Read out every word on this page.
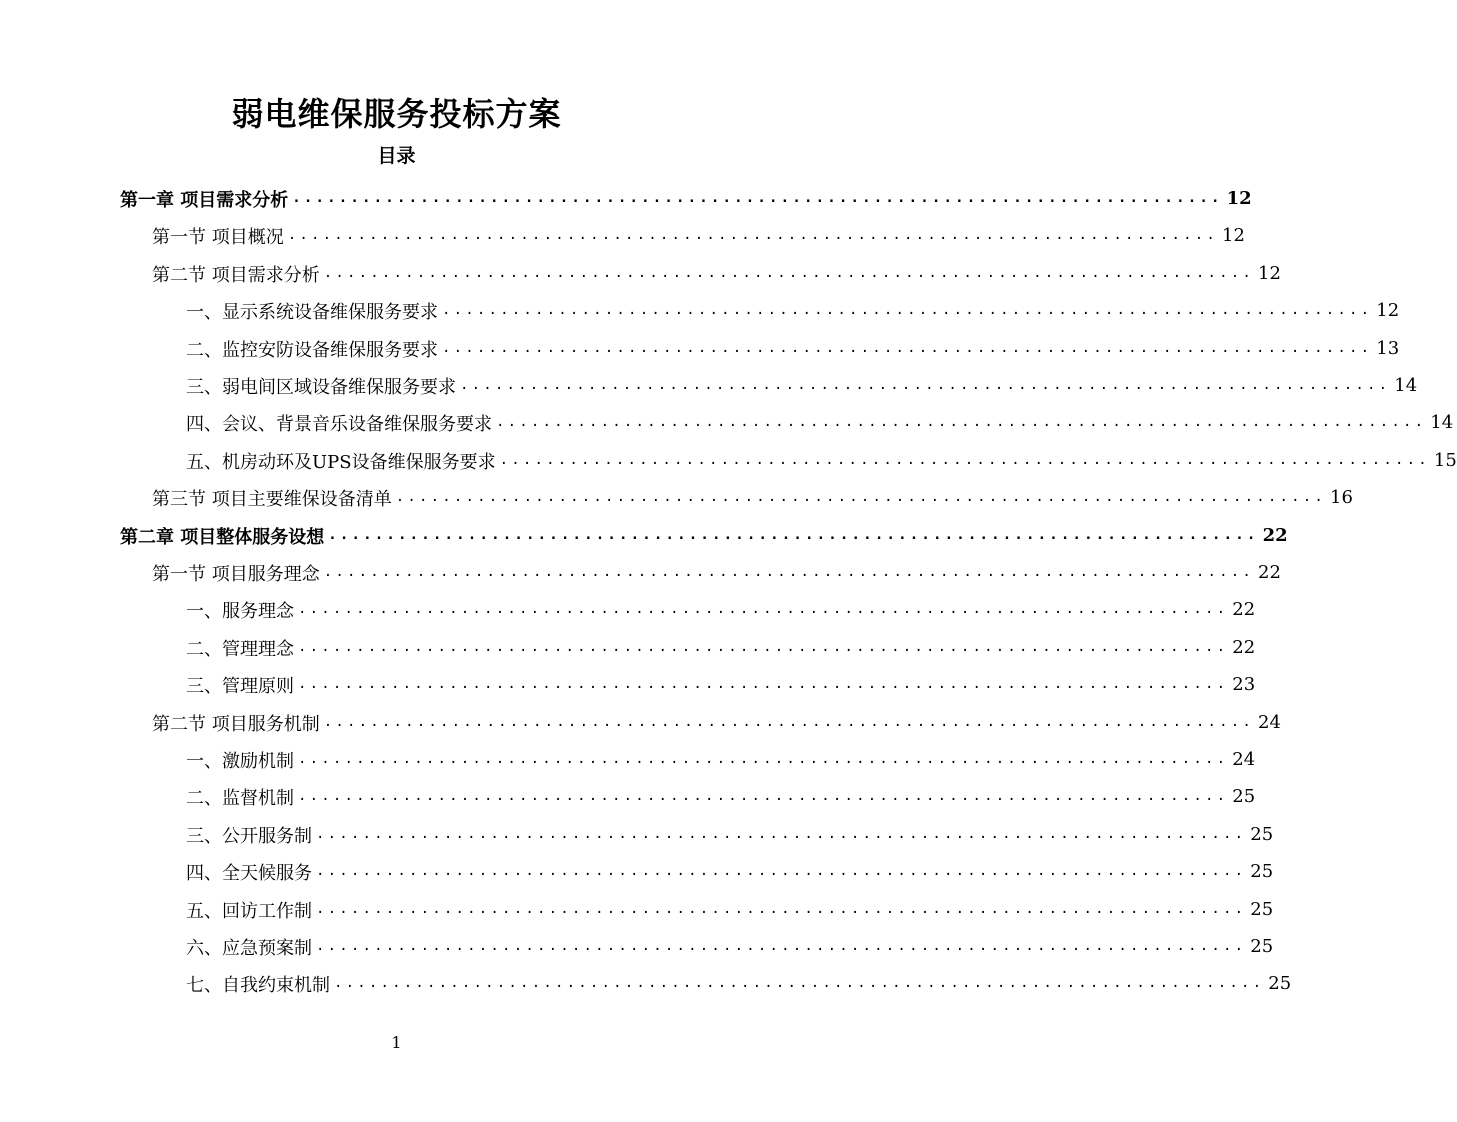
弱电维保服务投标方案
目录
第一章 项目需求分析 ................................................................................ 12
第一节 项目概况 ................................................................................ 12
第二节 项目需求分析 ................................................................................ 12
一、显示系统设备维保服务要求 ................................................................................ 12
二、监控安防设备维保服务要求 ................................................................................ 13
三、弱电间区域设备维保服务要求 ................................................................................ 14
四、会议、背景音乐设备维保服务要求 ................................................................................ 14
五、机房动环及UPS设备维保服务要求 ................................................................................ 15
第三节 项目主要维保设备清单 ................................................................................ 16
第二章 项目整体服务设想 ................................................................................ 22
第一节 项目服务理念 ................................................................................ 22
一、服务理念 ................................................................................ 22
二、管理理念 ................................................................................ 22
三、管理原则 ................................................................................ 23
第二节 项目服务机制 ................................................................................ 24
一、激励机制 ................................................................................ 24
二、监督机制 ................................................................................ 25
三、公开服务制 ................................................................................ 25
四、全天候服务 ................................................................................ 25
五、回访工作制 ................................................................................ 25
六、应急预案制 ................................................................................ 25
七、自我约束机制 ................................................................................ 25
1
